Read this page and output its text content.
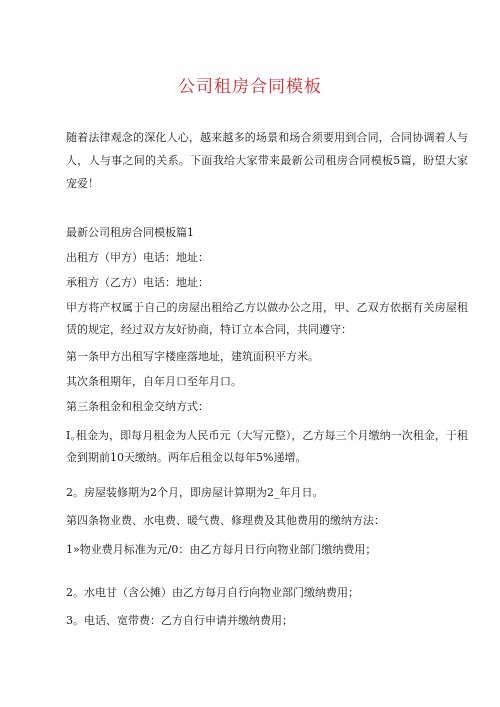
公司租房合同模板
随着法律观念的深化人心，越来越多的场景和场合须要用到合同，合同协调着人与人，人与事之间的关系。下面我给大家带来最新公司租房合同模板5篇，盼望大家宠爱！
最新公司租房合同模板篇1
出租方（甲方）电话：地址：
承租方（乙方）电话：地址：
甲方将产权属于自己的房屋出租给乙方以做办公之用，甲、乙双方依据有关房屋租赁的规定，经过双方友好协商，特订立本合同，共同遵守：
第一条甲方出租写字楼座落地址，建筑面积平方米。
其次条租期年，自年月口至年月口。
第三条租金和租金交纳方式：
I｡租金为，即每月租金为人民币元（大写元整），乙方每三个月缴纳一次租金，于租金到期前10天缴纳。两年后租金以每年5%递增。
2。房屋装修期为2个月，即房屋计算期为2_年月日。
第四条物业费、水电费、暖气费、修理费及其他费用的缴纳方法：
1»物业费月标准为元/0：由乙方每月日行向物业部门缴纳费用；
2。水电甘（含公摊）由乙方每月自行向物业部门缴纳费用；
3。电话、宽带费：乙方自行申请并缴纳费用；
